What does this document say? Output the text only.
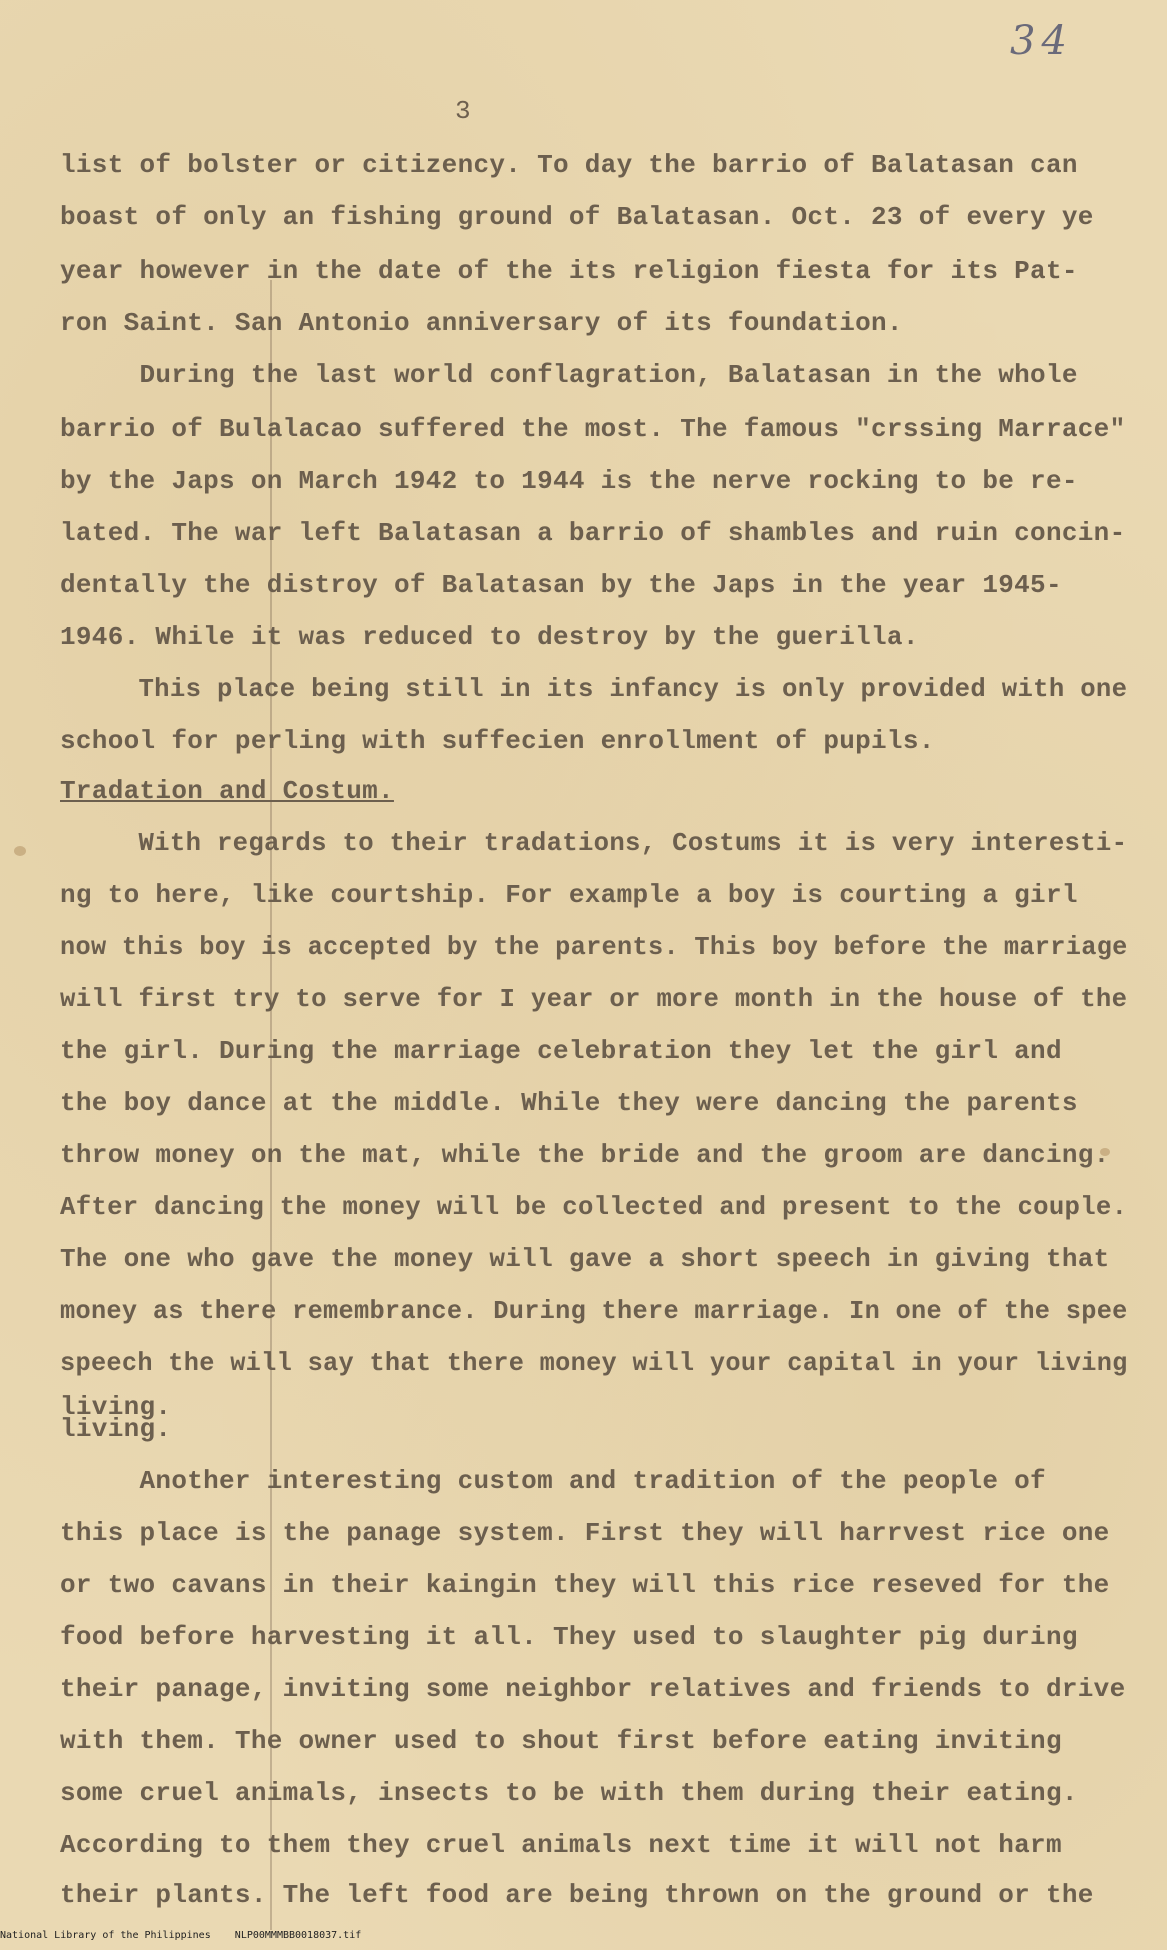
34
3
list of bolster or citizency. To day the barrio of Balatasan can
boast of only an fishing ground of Balatasan. Oct. 23 of every ye
year however in the date of the its religion fiesta for its Pat-
ron Saint. San Antonio anniversary of its foundation.
During the last world conflagration, Balatasan in the whole
barrio of Bulalacao suffered the most. The famous "crssing Marrace"
by the Japs on March 1942 to 1944 is the nerve rocking to be re-
lated. The war left Balatasan a barrio of shambles and ruin concin-
dentally the distroy of Balatasan by the Japs in the year 1945-
1946. While it was reduced to destroy by the guerilla.
This place being still in its infancy is only provided with one
school for perling with suffecien enrollment of pupils.
Tradation and Costum.
With regards to their tradations, Costums it is very interesti-
ng to here, like courtship. For example a boy is courting a girl
now this boy is accepted by the parents. This boy before the marriage
will first try to serve for I year or more month in the house of the
the girl. During the marriage celebration they let the girl and
the boy dance at the middle. While they were dancing the parents
throw money on the mat, while the bride and the groom are dancing.
After dancing the money will be collected and present to the couple.
The one who gave the money will gave a short speech in giving that
money as there remembrance. During there marriage. In one of the spee
speech the will say that there money will your capital in your living
living.
living.
Another interesting custom and tradition of the people of
this place is the panage system. First they will harrvest rice one
or two cavans in their kaingin they will this rice reseved for the
food before harvesting it all. They used to slaughter pig during
their panage, inviting some neighbor relatives and friends to drive
with them. The owner used to shout first before eating inviting
some cruel animals, insects to be with them during their eating.
According to them they cruel animals next time it will not harm
their plants. The left food are being thrown on the ground or the
National Library of the Philippines    NLP00MMMBB0018037.tif
